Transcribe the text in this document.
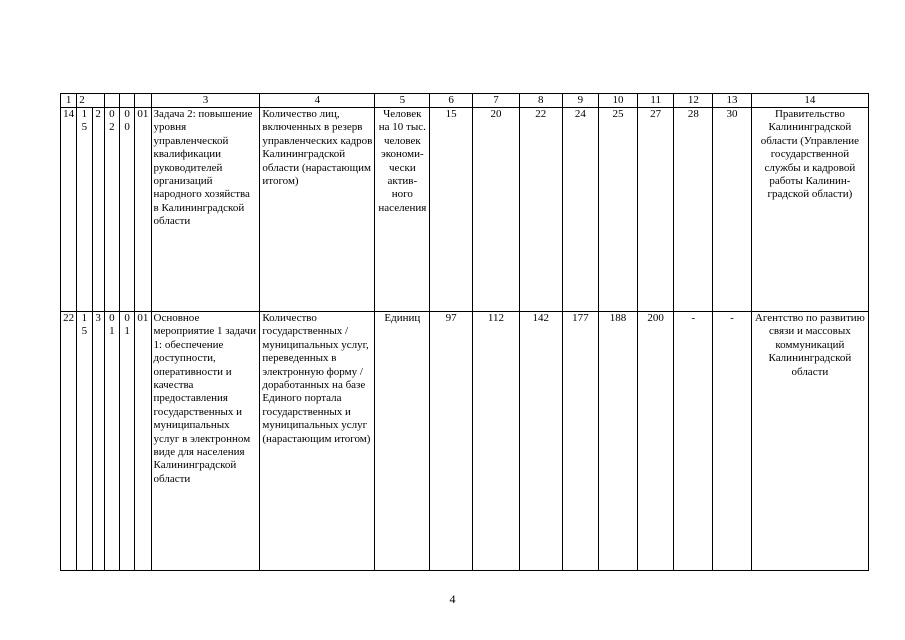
1	2					3	4	5	6	7	8	9	10	11	12	13	14
14	15	2	02	00	01	Задача 2: повышение уровня управленческой квалификации руководителей организаций народного хозяйства в Калининградской области	Количество лиц, включенных в резерв управленческих кадров Калининградской области (нарастающим итогом)	Человек на 10 тыс. человек экономи-чески актив-ного населения	15	20	22	24	25	27	28	30	Правительство Калининградской области (Управление государственной службы и кадровой работы Калинин-градской области)
22	15	3	01	01	01	Основное мероприятие 1 задачи 1: обеспечение доступности, оперативности и качества предоставления государственных и муниципальных услуг в электронном виде для населения Калининградской области	Количество государственных / муниципальных услуг, переведенных в электронную форму / доработанных на базе Единого портала государственных и муниципальных услуг (нарастающим итогом)	Единиц	97	112	142	177	188	200	-	-	Агентство по развитию связи и массовых коммуникаций Калининградской области
4
